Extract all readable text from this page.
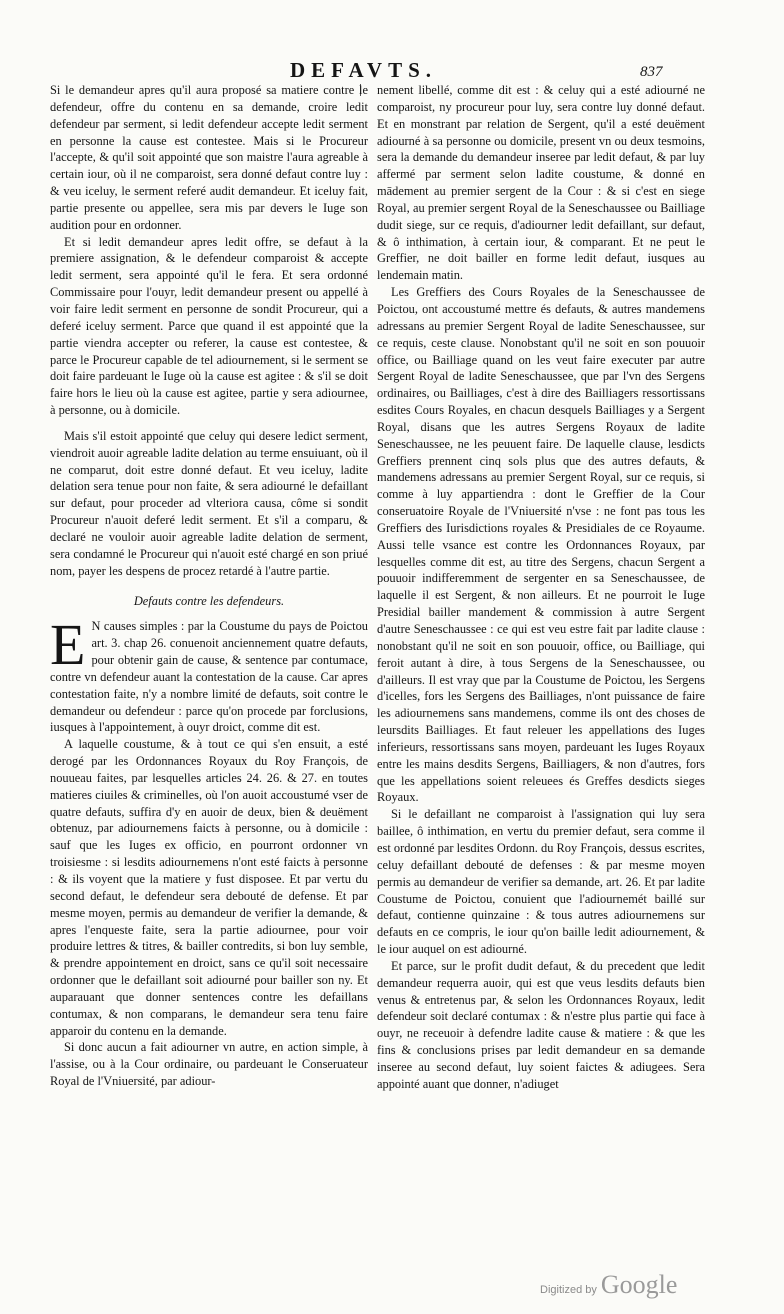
DEFAVTS.	837

Si le demandeur apres qu'il aura proposé sa matiere contre le defendeur, offre du contenu en sa demande, croire ledit defendeur par serment, si ledit defendeur accepte ledit serment en personne la cause est contestee. Mais si le Procureur l'accepte, & qu'il soit appointé que son maistre l'aura agreable à certain iour, où il ne comparoist, sera donné defaut contre luy : & veu iceluy, le serment referé audit demandeur. Et iceluy fait, partie presente ou appellee, sera mis par devers le Iuge son audition pour en ordonner.

Et si ledit demandeur apres ledit offre, se defaut à la premiere assignation, & le defendeur comparoist & accepte ledit serment, sera appointé qu'il le fera. Et sera ordonné Commissaire pour l'ouyr, ledit demandeur present ou appellé à voir faire ledit serment en personne de sondit Procureur, qui a deferé iceluy serment. Parce que quand il est appointé que la partie viendra accepter ou referer, la cause est contestee, & parce le Procureur capable de tel adiournement, si le serment se doit faire pardeuant le Iuge où la cause est agitee : & s'il se doit faire hors le lieu où la cause est agitee, partie y sera adiournee, à personne, ou à domicile.

Mais s'il estoit appointé que celuy qui desere ledict serment, viendroit auoir agreable ladite delation au terme ensuiuant, où il ne comparut, doit estre donné defaut. Et veu iceluy, ladite delation sera tenue pour non faite, & sera adiourné le defaillant sur defaut, pour proceder ad vlteriora causa, côme si sondit Procureur n'auoit deferé ledit serment. Et s'il a comparu, & declaré ne vouloir auoir agreable ladite delation de serment, sera condamné le Procureur qui n'auoit esté chargé en son priué nom, payer les despens de procez retardé à l'autre partie.

Defauts contre les defendeurs.

E N causes simples : par la Coustume du pays de Poictou art. 3. chap 26. conuenoit anciennement quatre defauts, pour obtenir gain de cause, & sentence par contumace, contre vn defendeur auant la contestation de la cause. Car apres contestation faite, n'y a nombre limité de defauts, soit contre le demandeur ou defendeur : parce qu'on procede par forclusions, iusques à l'appointement, à ouyr droict, comme dit est.

A laquelle coustume, & à tout ce qui s'en ensuit, a esté derogé par les Ordonnances Royaux du Roy François, de nouueau faites, par lesquelles articles 24. 26. & 27. en toutes matieres ciuiles & criminelles, où l'on auoit accoustumé vser de quatre defauts, suffira d'y en auoir de deux, bien & deuëment obtenuz, par adiournemens faicts à personne, ou à domicile : sauf que les Iuges ex officio, en pourront ordonner vn troisiesme : si lesdits adiournemens n'ont esté faicts à personne : & ils voyent que la matiere y fust disposee. Et par vertu du second defaut, le defendeur sera debouté de defense. Et par mesme moyen, permis au demandeur de verifier la demande, & apres l'enqueste faite, sera la partie adiournee, pour voir produire lettres & titres, & bailler contredits, si bon luy semble, & prendre appointement en droict, sans ce qu'il soit necessaire ordonner que le defaillant soit adiourné pour bailler son ny. Et auparauant que donner sentences contre les defaillans contumax, & non comparans, le demandeur sera tenu faire apparoir du contenu en la demande.

Si donc aucun a fait adiourner vn autre, en action simple, à l'assise, ou à la Cour ordinaire, ou pardeuant le Conseruateur Royal de l'Vniuersité, par adiour-

nement libellé, comme dit est : & celuy qui a esté adiourné ne comparoist, ny procureur pour luy, sera contre luy donné defaut. Et en monstrant par relation de Sergent, qu'il a esté deuëment adiourné à sa personne ou domicile, present vn ou deux tesmoins, sera la demande du demandeur inseree par ledit defaut, & par luy affermé par serment selon ladite coustume, & donné en mādement au premier sergent de la Cour : & si c'est en siege Royal, au premier sergent Royal de la Seneschaussee ou Bailliage dudit siege, sur ce requis, d'adiourner ledit defaillant, sur defaut, & ô inthimation, à certain iour, & comparant. Et ne peut le Greffier, ne doit bailler en forme ledit defaut, iusques au lendemain matin.

Les Greffiers des Cours Royales de la Seneschaussee de Poictou, ont accoustumé mettre és defauts, & autres mandemens adressans au premier Sergent Royal de ladite Seneschaussee, sur ce requis, ceste clause. Nonobstant qu'il ne soit en son pouuoir office, ou Bailliage quand on les veut faire executer par autre Sergent Royal de ladite Seneschaussee, que par l'vn des Sergens ordinaires, ou Bailliages, c'est à dire des Bailliagers ressortissans esdites Cours Royales, en chacun desquels Bailliages y a Sergent Royal, disans que les autres Sergens Royaux de ladite Seneschaussee, ne les peuuent faire. De laquelle clause, lesdicts Greffiers prennent cinq sols plus que des autres defauts, & mandemens adressans au premier Sergent Royal, sur ce requis, si comme à luy appartiendra : dont le Greffier de la Cour conseruatoire Royale de l'Vniuersité n'vse : ne font pas tous les Greffiers des Iurisdictions royales & Presidiales de ce Royaume. Aussi telle vsance est contre les Ordonnances Royaux, par lesquelles comme dit est, au titre des Sergens, chacun Sergent a pouuoir indifferemment de sergenter en sa Seneschaussee, de laquelle il est Sergent, & non ailleurs. Et ne pourroit le Iuge Presidial bailler mandement & commission à autre Sergent d'autre Seneschaussee : ce qui est veu estre fait par ladite clause : nonobstant qu'il ne soit en son pouuoir, office, ou Bailliage, qui feroit autant à dire, à tous Sergens de la Seneschaussee, ou d'ailleurs. Il est vray que par la Coustume de Poictou, les Sergens d'icelles, fors les Sergens des Bailliages, n'ont puissance de faire les adiournemens sans mandemens, comme ils ont des choses de leursdits Bailliages. Et faut releuer les appellations des Iuges inferieurs, ressortissans sans moyen, pardeuant les Iuges Royaux entre les mains desdits Sergens, Bailliagers, & non d'autres, fors que les appellations soient releuees és Greffes desdicts sieges Royaux.

Si le defaillant ne comparoist à l'assignation qui luy sera baillee, ô inthimation, en vertu du premier defaut, sera comme il est ordonné par lesdites Ordonn. du Roy François, dessus escrites, celuy defaillant debouté de defenses : & par mesme moyen permis au demandeur de verifier sa demande, art. 26. Et par ladite Coustume de Poictou, conuient que l'adiournemét baillé sur defaut, contienne quinzaine : & tous autres adiournemens sur defauts en ce compris, le iour qu'on baille ledit adiournement, & le iour auquel on est adiourné.

Et parce, sur le profit dudit defaut, & du precedent que ledit demandeur requerra auoir, qui est que veus lesdits defauts bien venus & entretenus par, & selon les Ordonnances Royaux, ledit defendeur soit declaré contumax : & n'estre plus partie qui face à ouyr, ne receuoir à defendre ladite cause & matiere : & que les fins & conclusions prises par ledit demandeur en sa demande inseree au second defaut, luy soient faictes & adiugees. Sera appointé auant que donner, n'adiuget

Digitized by Google
